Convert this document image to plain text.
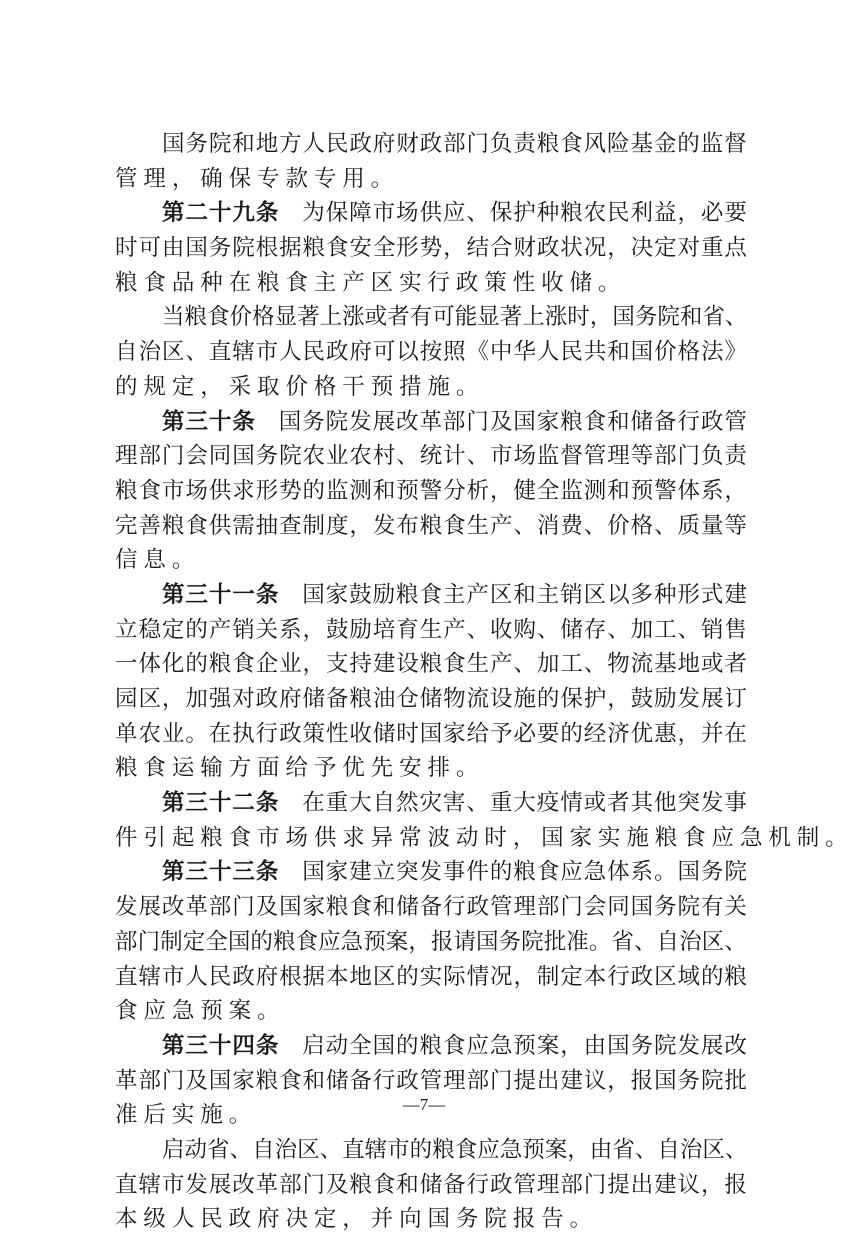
国 务 院 和 地 方 人 民 政 府 财 政 部 门 负 责 粮 食 风 险 基 金 的 监 督
管 理 ， 确 保 专 款 专 用 。
第 二 十 九 条 为 保 障 市 场 供 应 、 保 护 种 粮 农 民 利 益 ， 必 要
时 可 由 国 务 院 根 据 粮 食 安 全 形 势 ， 结 合 财 政 状 况 ， 决 定 对 重 点
粮 食 品 种 在 粮 食 主 产 区 实 行 政 策 性 收 储 。
当 粮 食 价 格 显 著 上 涨 或 者 有 可 能 显 著 上 涨 时 ， 国 务 院 和 省 、
自 治 区 、 直 辖 市 人 民 政 府 可 以 按 照 《 中 华 人 民 共 和 国 价 格 法 》
的 规 定 ， 采 取 价 格 干 预 措 施 。
第 三 十 条 国 务 院 发 展 改 革 部 门 及 国 家 粮 食 和 储 备 行 政 管
理 部 门 会 同 国 务 院 农 业 农 村 、 统 计 、 市 场 监 督 管 理 等 部 门 负 责
粮 食 市 场 供 求 形 势 的 监 测 和 预 警 分 析 ， 健 全 监 测 和 预 警 体 系 ，
完 善 粮 食 供 需 抽 查 制 度 ， 发 布 粮 食 生 产 、 消 费 、 价 格 、 质 量 等
信 息 。
第 三 十 一 条 国 家 鼓 励 粮 食 主 产 区 和 主 销 区 以 多 种 形 式 建
立 稳 定 的 产 销 关 系 ， 鼓 励 培 育 生 产 、 收 购 、 储 存 、 加 工 、 销 售
一 体 化 的 粮 食 企 业 ， 支 持 建 设 粮 食 生 产 、 加 工 、 物 流 基 地 或 者
园 区 ， 加 强 对 政 府 储 备 粮 油 仓 储 物 流 设 施 的 保 护 ， 鼓 励 发 展 订
单 农 业 。 在 执 行 政 策 性 收 储 时 国 家 给 予 必 要 的 经 济 优 惠 ， 并 在
粮 食 运 输 方 面 给 予 优 先 安 排 。
第 三 十 二 条 在 重 大 自 然 灾 害 、 重 大 疫 情 或 者 其 他 突 发 事
件 引 起 粮 食 市 场 供 求 异 常 波 动 时 ， 国 家 实 施 粮 食 应 急 机 制 。
第 三 十 三 条 国 家 建 立 突 发 事 件 的 粮 食 应 急 体 系 。 国 务 院
发 展 改 革 部 门 及 国 家 粮 食 和 储 备 行 政 管 理 部 门 会 同 国 务 院 有 关
部 门 制 定 全 国 的 粮 食 应 急 预 案 ， 报 请 国 务 院 批 准 。 省 、 自 治 区 、
直 辖 市 人 民 政 府 根 据 本 地 区 的 实 际 情 况 ， 制 定 本 行 政 区 域 的 粮
食 应 急 预 案 。
第 三 十 四 条 启 动 全 国 的 粮 食 应 急 预 案 ， 由 国 务 院 发 展 改
革 部 门 及 国 家 粮 食 和 储 备 行 政 管 理 部 门 提 出 建 议 ， 报 国 务 院 批
准 后 实 施 。
启 动 省 、 自 治 区 、 直 辖 市 的 粮 食 应 急 预 案 ， 由 省 、 自 治 区 、
直 辖 市 发 展 改 革 部 门 及 粮 食 和 储 备 行 政 管 理 部 门 提 出 建 议 ， 报
本 级 人 民 政 府 决 定 ， 并 向 国 务 院 报 告 。
—7—
